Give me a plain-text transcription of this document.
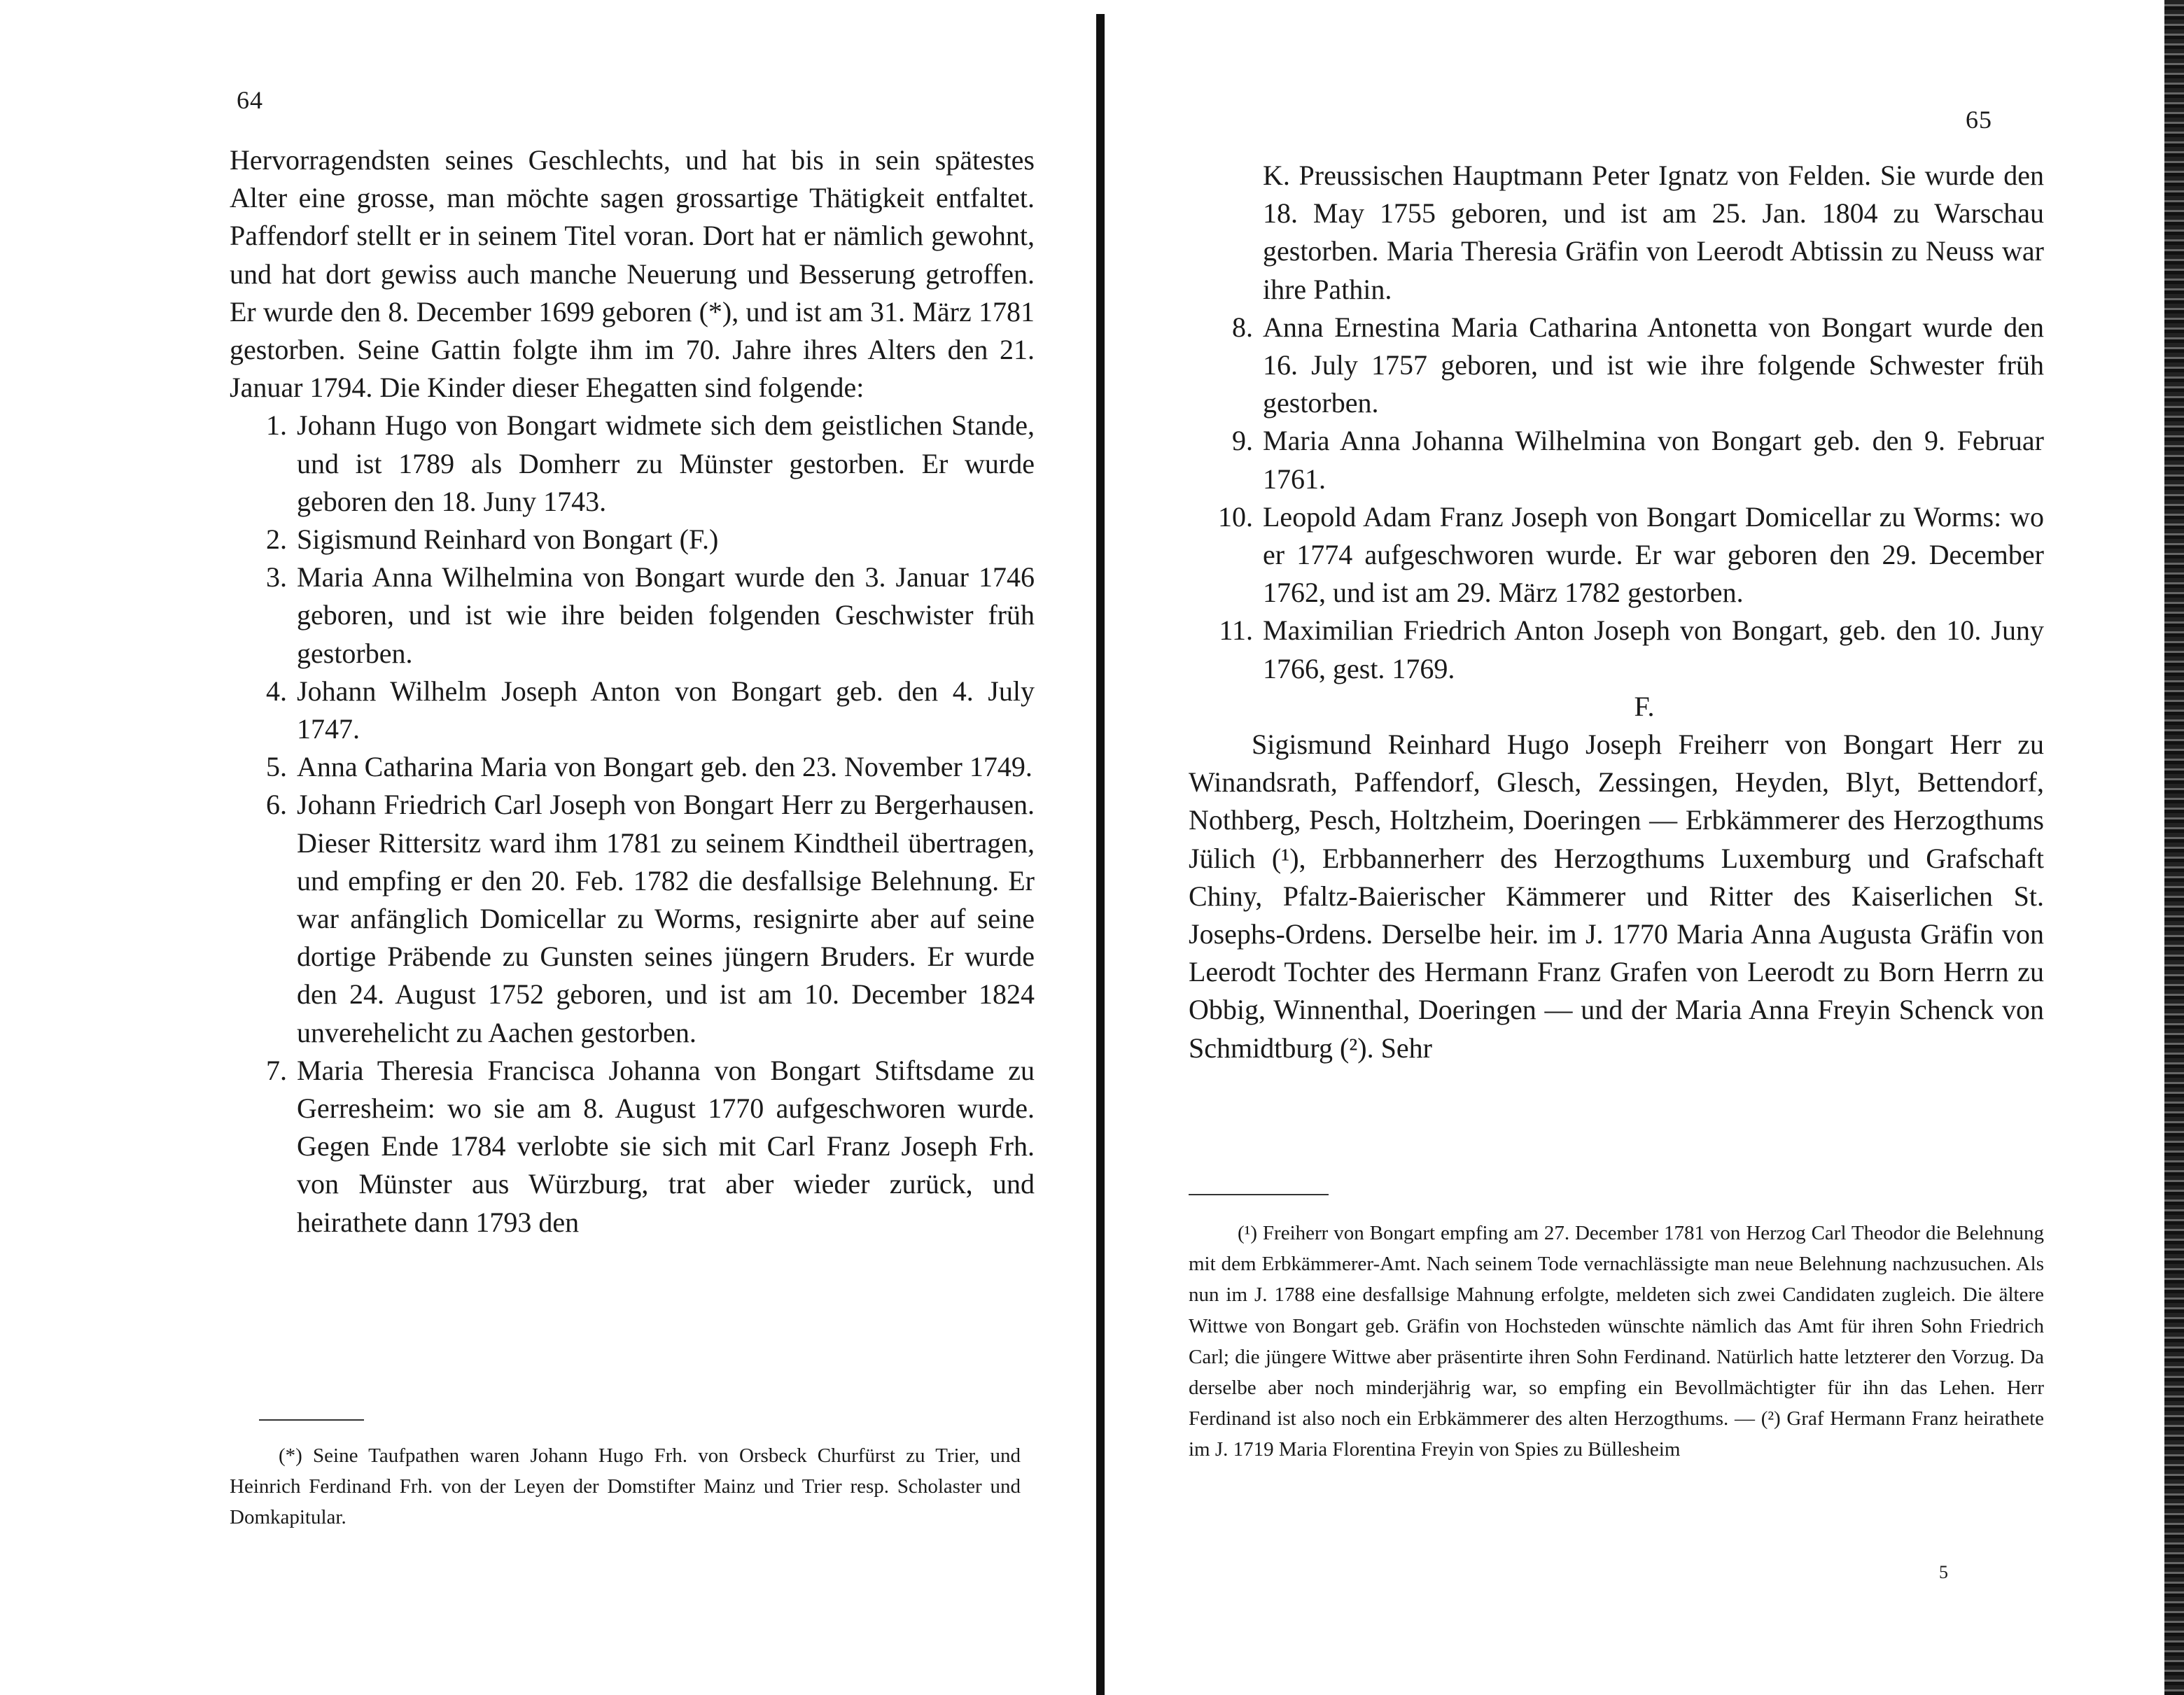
64

Hervorragendsten seines Geschlechts, und hat bis in sein spätestes Alter eine grosse, man möchte sagen grossartige Thätigkeit entfaltet. Paffendorf stellt er in seinem Titel voran. Dort hat er nämlich gewohnt, und hat dort gewiss auch manche Neuerung und Besserung getroffen. Er wurde den 8. December 1699 geboren (*), und ist am 31. März 1781 gestorben. Seine Gattin folgte ihm im 70. Jahre ihres Alters den 21. Januar 1794. Die Kinder dieser Ehegatten sind folgende:

1. Johann Hugo von Bongart widmete sich dem geistlichen Stande, und ist 1789 als Domherr zu Münster gestorben. Er wurde geboren den 18. Juny 1743.
2. Sigismund Reinhard von Bongart (F.)
3. Maria Anna Wilhelmina von Bongart wurde den 3. Januar 1746 geboren, und ist wie ihre beiden folgenden Geschwister früh gestorben.
4. Johann Wilhelm Joseph Anton von Bongart geb. den 4. July 1747.
5. Anna Catharina Maria von Bongart geb. den 23. November 1749.
6. Johann Friedrich Carl Joseph von Bongart Herr zu Bergerhausen. Dieser Rittersitz ward ihm 1781 zu seinem Kindtheil übertragen, und empfing er den 20. Feb. 1782 die desfallsige Belehnung. Er war anfänglich Domicellar zu Worms, resignirte aber auf seine dortige Präbende zu Gunsten seines jüngern Bruders. Er wurde den 24. August 1752 geboren, und ist am 10. December 1824 unverehelicht zu Aachen gestorben.
7. Maria Theresia Francisca Johanna von Bongart Stiftsdame zu Gerresheim: wo sie am 8. August 1770 aufgeschworen wurde. Gegen Ende 1784 verlobte sie sich mit Carl Franz Joseph Frh. von Münster aus Würzburg, trat aber wieder zurück, und heirathete dann 1793 den

(*) Seine Taufpathen waren Johann Hugo Frh. von Orsbeck Churfürst zu Trier, und Heinrich Ferdinand Frh. von der Leyen der Domstifter Mainz und Trier resp. Scholaster und Domkapitular.

65

K. Preussischen Hauptmann Peter Ignatz von Felden. Sie wurde den 18. May 1755 geboren, und ist am 25. Jan. 1804 zu Warschau gestorben. Maria Theresia Gräfin von Leerodt Abtissin zu Neuss war ihre Pathin.

8. Anna Ernestina Maria Catharina Antonetta von Bongart wurde den 16. July 1757 geboren, und ist wie ihre folgende Schwester früh gestorben.
9. Maria Anna Johanna Wilhelmina von Bongart geb. den 9. Februar 1761.
10. Leopold Adam Franz Joseph von Bongart Domicellar zu Worms: wo er 1774 aufgeschworen wurde. Er war geboren den 29. December 1762, und ist am 29. März 1782 gestorben.
11. Maximilian Friedrich Anton Joseph von Bongart, geb. den 10. Juny 1766, gest. 1769.

F.

Sigismund Reinhard Hugo Joseph Freiherr von Bongart Herr zu Winandsrath, Paffendorf, Glesch, Zessingen, Heyden, Blyt, Bettendorf, Nothberg, Pesch, Holtzheim, Doeringen — Erbkämmerer des Herzogthums Jülich (¹), Erbbannerherr des Herzogthums Luxemburg und Grafschaft Chiny, Pfaltz-Baierischer Kämmerer und Ritter des Kaiserlichen St. Josephs-Ordens. Derselbe heir. im J. 1770 Maria Anna Augusta Gräfin von Leerodt Tochter des Hermann Franz Grafen von Leerodt zu Born Herrn zu Obbig, Winnenthal, Doeringen — und der Maria Anna Freyin Schenck von Schmidtburg (²). Sehr

(¹) Freiherr von Bongart empfing am 27. December 1781 von Herzog Carl Theodor die Belehnung mit dem Erbkämmerer-Amt. Nach seinem Tode vernachlässigte man neue Belehnung nachzusuchen. Als nun im J. 1788 eine desfallsige Mahnung erfolgte, meldeten sich zwei Candidaten zugleich. Die ältere Wittwe von Bongart geb. Gräfin von Hochsteden wünschte nämlich das Amt für ihren Sohn Friedrich Carl; die jüngere Wittwe aber präsentirte ihren Sohn Ferdinand. Natürlich hatte letzterer den Vorzug. Da derselbe aber noch minderjährig war, so empfing ein Bevollmächtigter für ihn das Lehen. Herr Ferdinand ist also noch ein Erbkämmerer des alten Herzogthums. — (²) Graf Hermann Franz heirathete im J. 1719 Maria Florentina Freyin von Spies zu Büllesheim

5
